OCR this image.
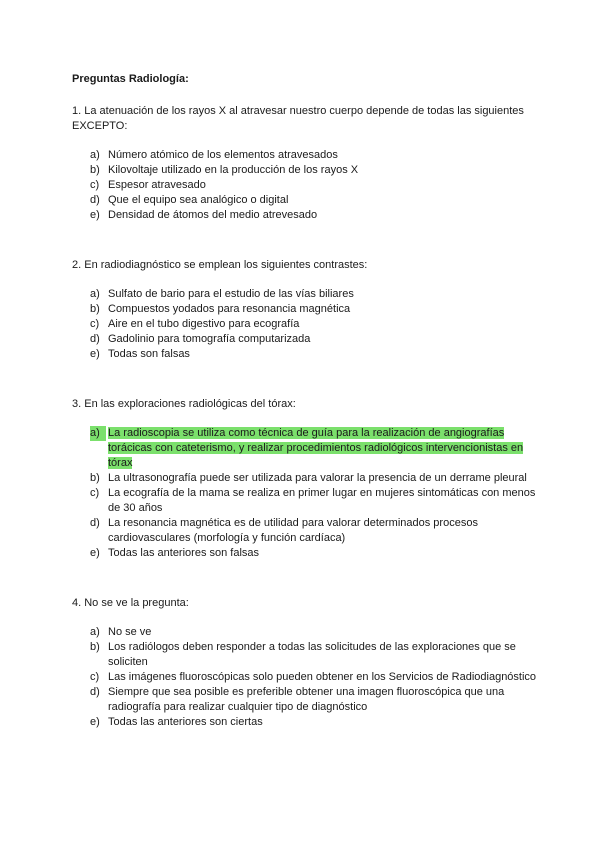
Preguntas Radiología:

1. La atenuación de los rayos X al atravesar nuestro cuerpo depende de todas las siguientes EXCEPTO:

a) Número atómico de los elementos atravesados
b) Kilovoltaje utilizado en la producción de los rayos X
c) Espesor atravesado
d) Que el equipo sea analógico o digital
e) Densidad de átomos del medio atrevesado

2. En radiodiagnóstico se emplean los siguientes contrastes:

a) Sulfato de bario para el estudio de las vías biliares
b) Compuestos yodados para resonancia magnética
c) Aire en el tubo digestivo para ecografía
d) Gadolinio para tomografía computarizada
e) Todas son falsas

3. En las exploraciones radiológicas del tórax:

a) La radioscopia se utiliza como técnica de guía para la realización de angiografías torácicas con cateterismo, y realizar procedimientos radiológicos intervencionistas en tórax
b) La ultrasonografía puede ser utilizada para valorar la presencia de un derrame pleural
c) La ecografía de la mama se realiza en primer lugar en mujeres sintomáticas con menos de 30 años
d) La resonancia magnética es de utilidad para valorar determinados procesos cardiovasculares (morfología y función cardíaca)
e) Todas las anteriores son falsas

4. No se ve la pregunta:

a) No se ve
b) Los radiólogos deben responder a todas las solicitudes de las exploraciones que se soliciten
c) Las imágenes fluoroscópicas solo pueden obtener en los Servicios de Radiodiagnóstico
d) Siempre que sea posible es preferible obtener una imagen fluoroscópica que una radiografía para realizar cualquier tipo de diagnóstico
e) Todas las anteriores son ciertas
